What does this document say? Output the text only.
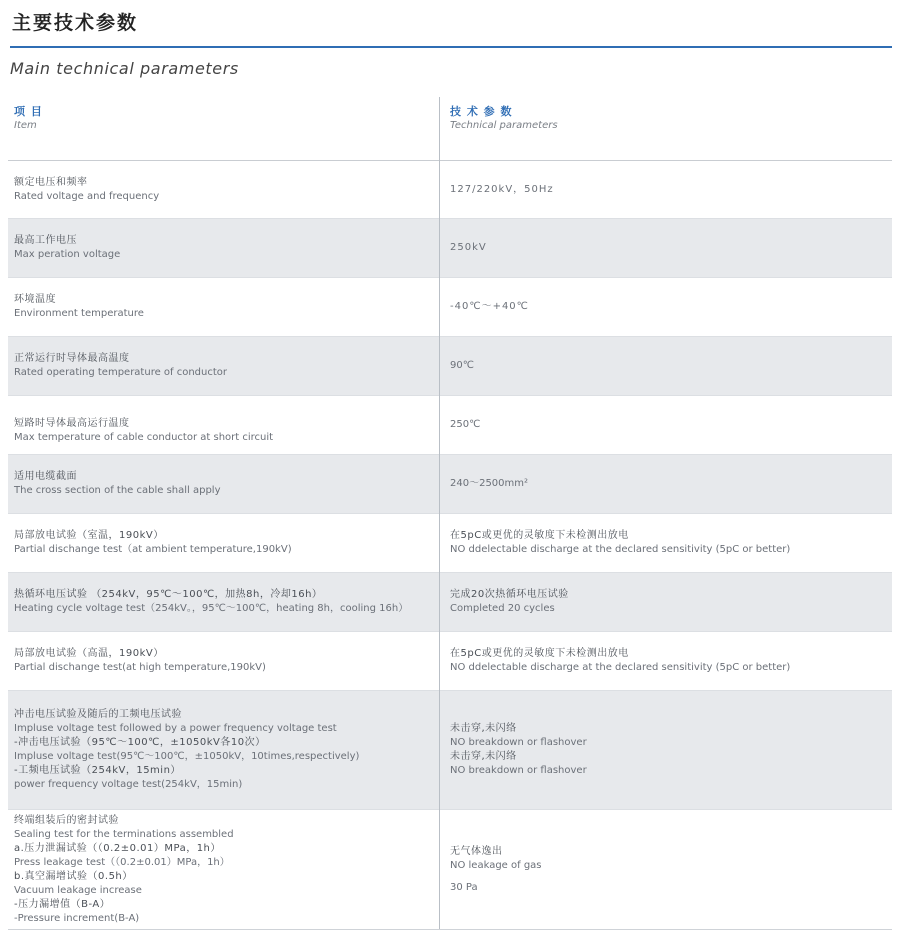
主要技术参数
Main technical parameters
项 目
Item
技 术 参 数
Technical parameters
额定电压和频率
Rated voltage and frequency
127/220kV，50Hz
最高工作电压
Max peration voltage
250kV
环境温度
Environment temperature
-40℃～+40℃
正常运行时导体最高温度
Rated operating temperature of conductor
90℃
短路时导体最高运行温度
Max temperature of cable conductor at short circuit
250℃
适用电缆截面
The cross section of the cable shall apply
240～2500mm²
局部放电试验（室温，190kV）
Partial dischange test（at ambient temperature,190kV)
在5pC或更优的灵敏度下未检测出放电
NO ddelectable discharge at the declared sensitivity (5pC or better)
热循环电压试验 （254kV，95℃～100℃，加热8h，冷却16h）
Heating cycle voltage test（254kV。，95℃～100℃，heating 8h，cooling 16h）
完成20次热循环电压试验
Completed 20 cycles
局部放电试验（高温，190kV）
Partial dischange test(at high temperature,190kV)
在5pC或更优的灵敏度下未检测出放电
NO ddelectable discharge at the declared sensitivity (5pC or better)
冲击电压试验及随后的工频电压试验
Impluse voltage test followed by a power frequency voltage test
-冲击电压试验（95℃～100℃，±1050kV各10次）
Impluse voltage test(95℃～100℃，±1050kV，10times,respectively)
-工频电压试验（254kV，15min）
power frequency voltage test(254kV，15min)
未击穿,未闪络
NO breakdown or flashover
未击穿,未闪络
NO breakdown or flashover
终端组装后的密封试验
Sealing test for the terminations assembled
a.压力泄漏试验（（0.2±0.01）MPa，1h）
Press leakage test（（0.2±0.01）MPa，1h）
b.真空漏增试验（0.5h）
Vacuum leakage increase
-压力漏增值（B-A）
-Pressure increment(B-A)
无气体逸出
NO leakage of gas
30 Pa
